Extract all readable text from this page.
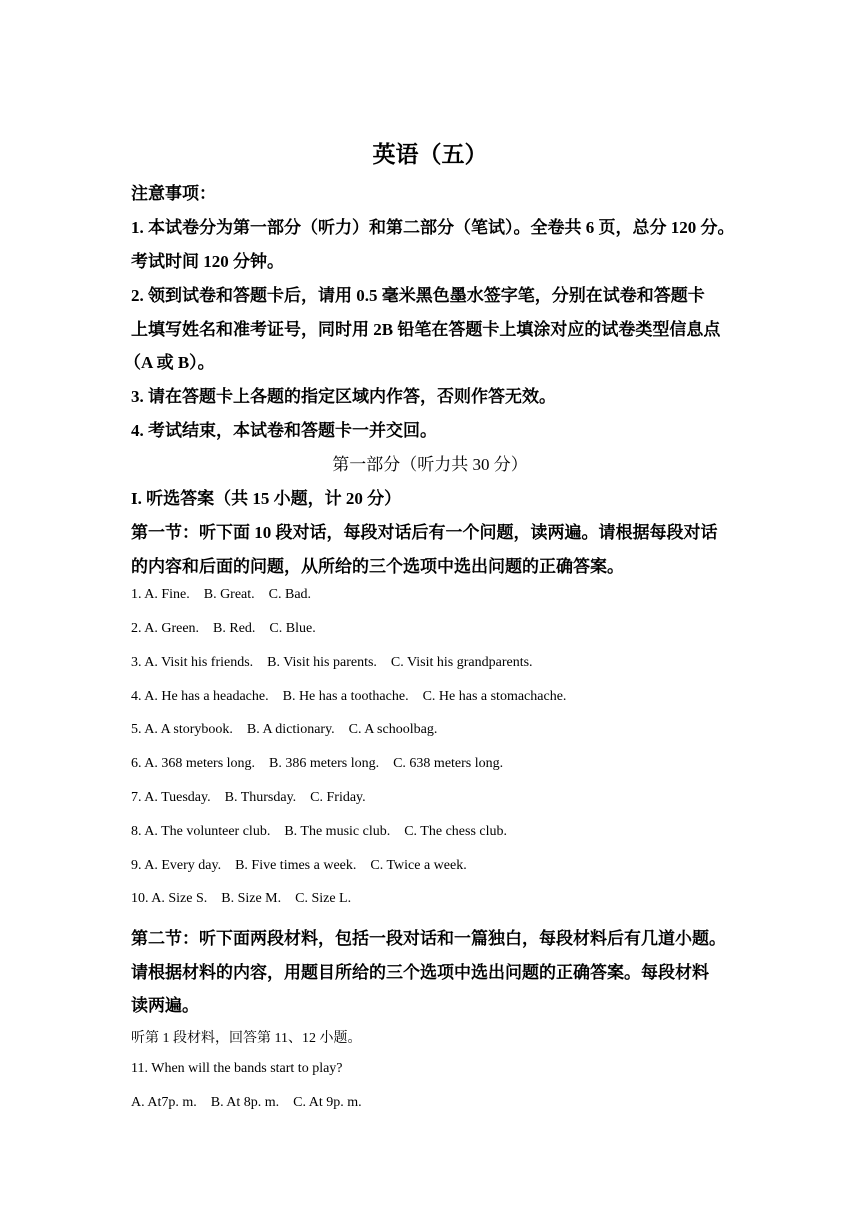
英语（五）
注意事项：
1. 本试卷分为第一部分（听力）和第二部分（笔试）。全卷共 6 页，总分 120 分。
考试时间 120 分钟。
2. 领到试卷和答题卡后，请用 0.5 毫米黑色墨水签字笔，分别在试卷和答题卡
上填写姓名和准考证号，同时用 2B 铅笔在答题卡上填涂对应的试卷类型信息点
（A 或 B）。
3. 请在答题卡上各题的指定区域内作答，否则作答无效。
4. 考试结束，本试卷和答题卡一并交回。
第一部分（听力共 30 分）
I. 听选答案（共 15 小题，计 20 分）
第一节：听下面 10 段对话，每段对话后有一个问题，读两遍。请根据每段对话
的内容和后面的问题，从所给的三个选项中选出问题的正确答案。
1. A. Fine.    B. Great.    C. Bad.
2. A. Green.    B. Red.    C. Blue.
3. A. Visit his friends.    B. Visit his parents.    C. Visit his grandparents.
4. A. He has a headache.    B. He has a toothache.    C. He has a stomachache.
5. A. A storybook.    B. A dictionary.    C. A schoolbag.
6. A. 368 meters long.    B. 386 meters long.    C. 638 meters long.
7. A. Tuesday.    B. Thursday.    C. Friday.
8. A. The volunteer club.    B. The music club.    C. The chess club.
9. A. Every day.    B. Five times a week.    C. Twice a week.
10. A. Size S.    B. Size M.    C. Size L.
第二节：听下面两段材料，包括一段对话和一篇独白，每段材料后有几道小题。
请根据材料的内容，用题目所给的三个选项中选出问题的正确答案。每段材料
读两遍。
听第 1 段材料，回答第 11、12 小题。
11. When will the bands start to play?
A. At7p. m.    B. At 8p. m.    C. At 9p. m.
